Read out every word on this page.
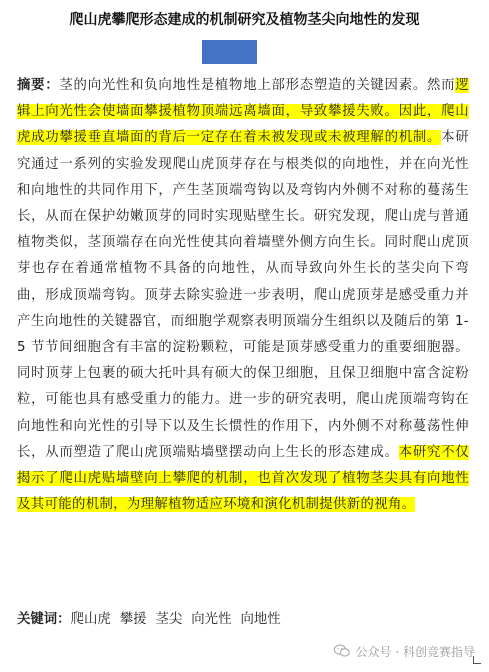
爬山虎攀爬形态建成的机制研究及植物茎尖向地性的发现

摘要：茎的向光性和负向地性是植物地上部形态塑造的关键因素。然而逻辑上向光性会使墙面攀援植物顶端远离墙面，导致攀援失败。因此，爬山虎成功攀援垂直墙面的背后一定存在着未被发现或未被理解的机制。本研究通过一系列的实验发现爬山虎顶芽存在与根类似的向地性，并在向光性和向地性的共同作用下，产生茎顶端弯钩以及弯钩内外侧不对称的蔓荡生长，从而在保护幼嫩顶芽的同时实现贴壁生长。研究发现，爬山虎与普通植物类似，茎顶端存在向光性使其向着墙壁外侧方向生长。同时爬山虎顶芽也存在着通常植物不具备的向地性，从而导致向外生长的茎尖向下弯曲，形成顶端弯钩。顶芽去除实验进一步表明，爬山虎顶芽是感受重力并产生向地性的关键器官，而细胞学观察表明顶端分生组织以及随后的第 1-5 节节间细胞含有丰富的淀粉颗粒，可能是顶芽感受重力的重要细胞器。同时顶芽上包裹的硕大托叶具有硕大的保卫细胞，且保卫细胞中富含淀粉粒，可能也具有感受重力的能力。进一步的研究表明，爬山虎顶端弯钩在向地性和向光性的引导下以及生长惯性的作用下，内外侧不对称蔓荡性伸长，从而塑造了爬山虎顶端贴墙壁摆动向上生长的形态建成。本研究不仅揭示了爬山虎贴墙壁向上攀爬的机制，也首次发现了植物茎尖具有向地性及其可能的机制，为理解植物适应环境和演化机制提供新的视角。

关键词：爬山虎 攀援 茎尖 向光性 向地性
公众号 · 科创竞赛指导
